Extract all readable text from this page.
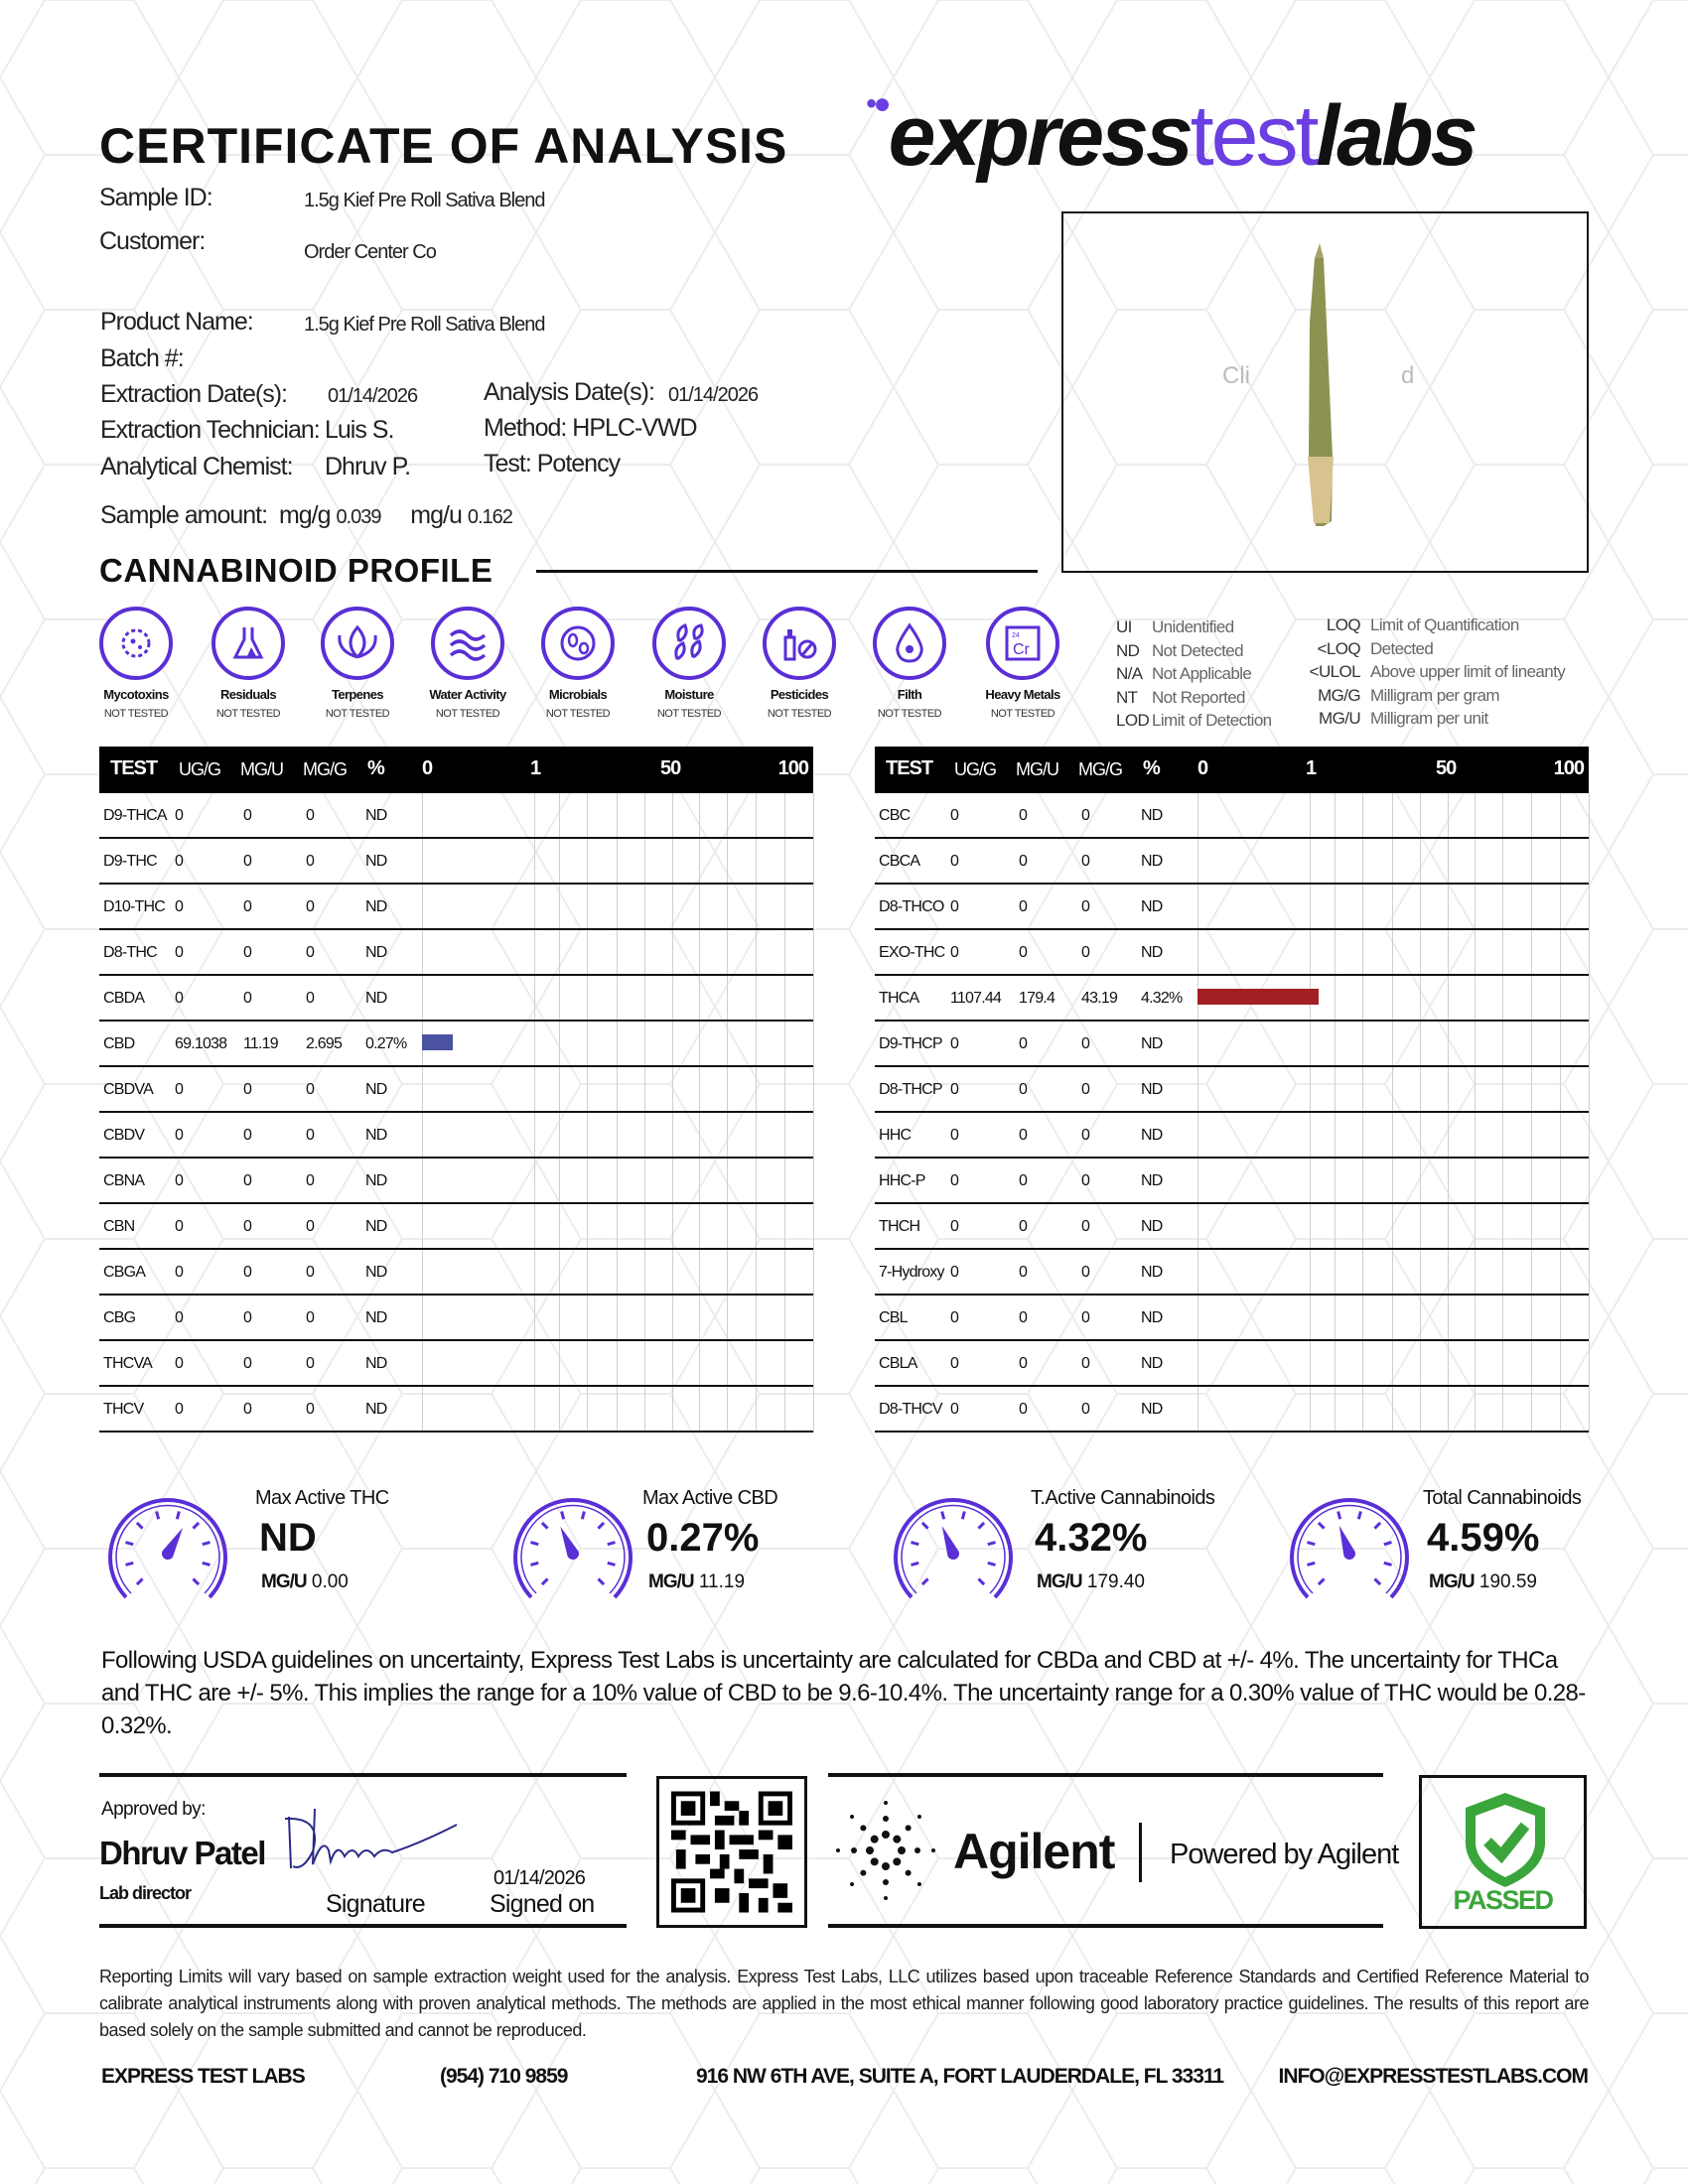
CERTIFICATE OF ANALYSIS
•●expresstestlabs
Sample ID:	1.5g Kief Pre Roll Sativa Blend
Customer:	Order Center Co
Product Name:	1.5g Kief Pre Roll Sativa Blend
Batch #:
Extraction Date(s): 01/14/2026	Analysis Date(s): 01/14/2026
Extraction Technician: Luis S.	Method: HPLC-VWD
Analytical Chemist: Dhruv P.	Test: Potency
Sample amount: mg/g 0.039 mg/u 0.162
Cli	d
CANNABINOID PROFILE
Mycotoxins
NOT TESTED
Residuals
NOT TESTED
Terpenes
NOT TESTED
Water Activity
NOT TESTED
Microbials
NOT TESTED
Moisture
NOT TESTED
Pesticides
NOT TESTED
Filth
NOT TESTED
24
Cr
Heavy Metals
NOT TESTED
UI Unidentified
ND Not Detected
N/A Not Applicable
NT Not Reported
LOD Limit of Detection
LOQ Limit of Quantification
<LOQ Detected
<ULOL Above upper limit of lineanty
MG/G Milligram per gram
MG/U Milligram per unit
TEST UG/G MG/U MG/G % 0	1	50	100
D9-THCA 0	0	0	ND
D9-THC 0	0	0	ND
D10-THC 0	0	0	ND
D8-THC 0	0	0	ND
CBDA 0	0	0	ND
CBD	69.1038 11.19 2.695 0.27%
CBDVA 0	0	0	ND
CBDV 0	0	0	ND
CBNA 0	0	0	ND
CBN	0	0	0	ND
CBGA 0	0	0	ND
CBG 0	0	0	ND
THCVA 0	0	0	ND
THCV 0	0	0	ND
TEST UG/G MG/U MG/G % 0	1	50	100
CBC	0	0	0	ND
CBCA 0	0	0	ND
D8-THCO 0	0	0	ND
EXO-THC 0	0	0	ND
THCA 1107.44 179.4 43.19 4.32%
D9-THCP 0	0	0	ND
D8-THCP 0	0	0	ND
HHC 0	0	0	ND
HHC-P 0	0	0	ND
THCH 0	0	0	ND
7-Hydroxy 0	0	0	ND
CBL	0	0	0	ND
CBLA 0	0	0	ND
D8-THCV 0	0	0	ND
Max Active THC
ND
MG/U 0.00
Max Active CBD
0.27%
MG/U 11.19
T.Active Cannabinoids
4.32%
MG/U 179.40
Total Cannabinoids
4.59%
MG/U 190.59
Following USDA guidelines on uncertainty, Express Test Labs is uncertainty are calculated for CBDa and CBD at +/- 4%. The uncertainty for THCa and THC are +/- 5%. This implies the range for a 10% value of CBD to be 9.6-10.4%. The uncertainty range for a 0.30% value of THC would be 0.28-0.32%.
Approved by:
Dhruv Patel
Lab director	Signature
01/14/2026
Signed on
Agilent Powered by Agilent
PASSED
Reporting Limits will vary based on sample extraction weight used for the analysis. Express Test Labs, LLC utilizes based upon traceable Reference Standards and Certified Reference Material to calibrate analytical instruments along with proven analytical methods. The methods are applied in the most ethical manner following good laboratory practice guidelines. The results of this report are based solely on the sample submitted and cannot be reproduced.
EXPRESS TEST LABS	(954) 710 9859	916 NW 6TH AVE, SUITE A, FORT LAUDERDALE, FL 33311	INFO@EXPRESSTESTLABS.COM
